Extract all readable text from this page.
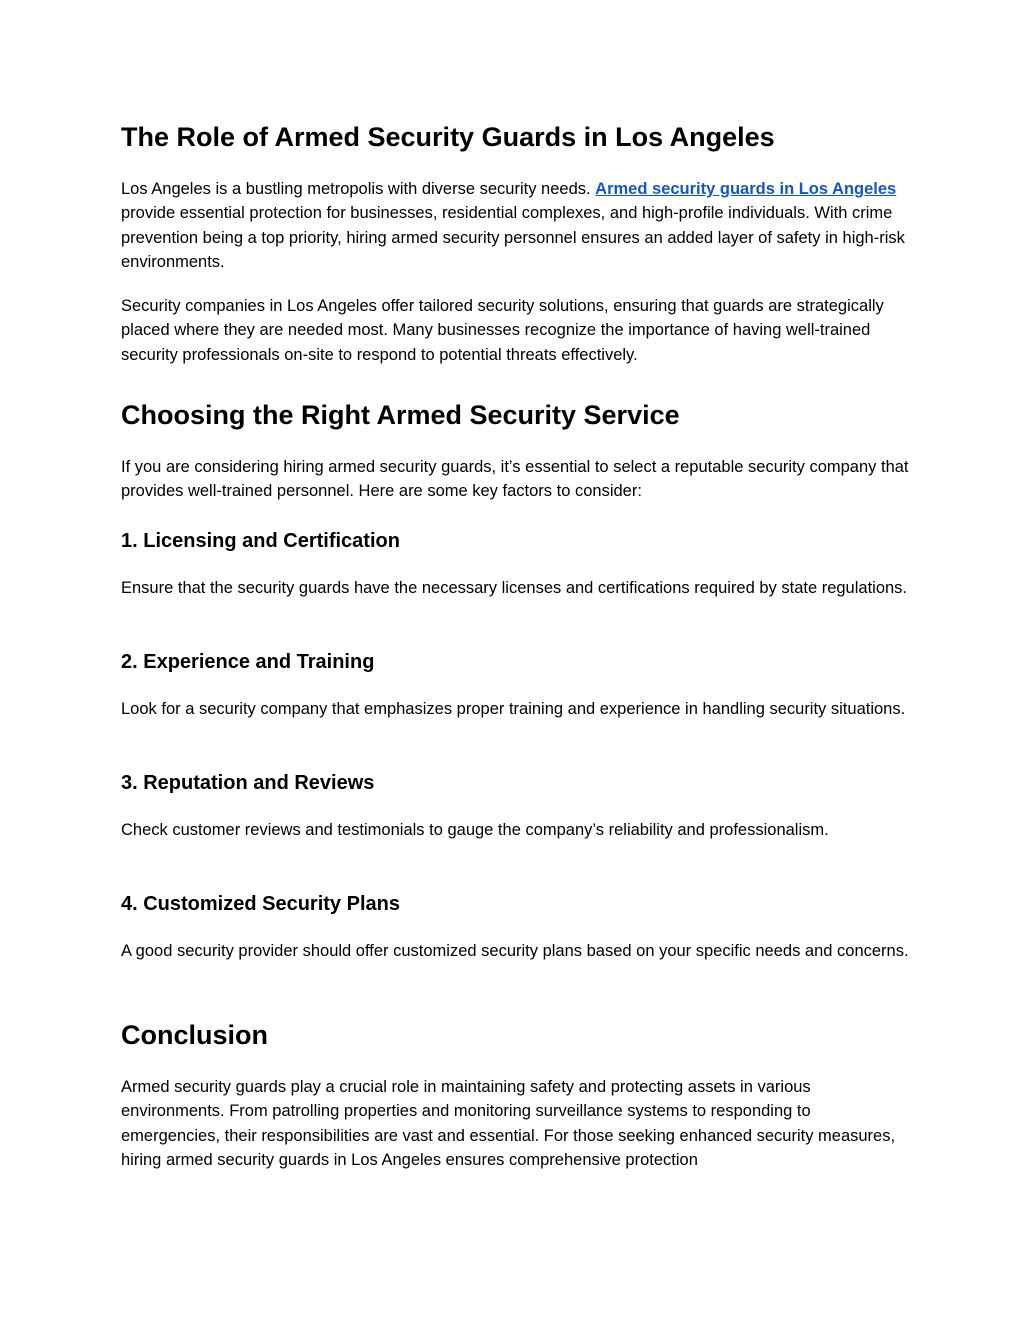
The Role of Armed Security Guards in Los Angeles

Los Angeles is a bustling metropolis with diverse security needs. Armed security guards in Los Angeles provide essential protection for businesses, residential complexes, and high-profile individuals. With crime prevention being a top priority, hiring armed security personnel ensures an added layer of safety in high-risk environments.

Security companies in Los Angeles offer tailored security solutions, ensuring that guards are strategically placed where they are needed most. Many businesses recognize the importance of having well-trained security professionals on-site to respond to potential threats effectively.

Choosing the Right Armed Security Service

If you are considering hiring armed security guards, it’s essential to select a reputable security company that provides well-trained personnel. Here are some key factors to consider:

1. Licensing and Certification

Ensure that the security guards have the necessary licenses and certifications required by state regulations.

2. Experience and Training

Look for a security company that emphasizes proper training and experience in handling security situations.

3. Reputation and Reviews

Check customer reviews and testimonials to gauge the company’s reliability and professionalism.

4. Customized Security Plans

A good security provider should offer customized security plans based on your specific needs and concerns.

Conclusion

Armed security guards play a crucial role in maintaining safety and protecting assets in various environments. From patrolling properties and monitoring surveillance systems to responding to emergencies, their responsibilities are vast and essential. For those seeking enhanced security measures, hiring armed security guards in Los Angeles ensures comprehensive protection
